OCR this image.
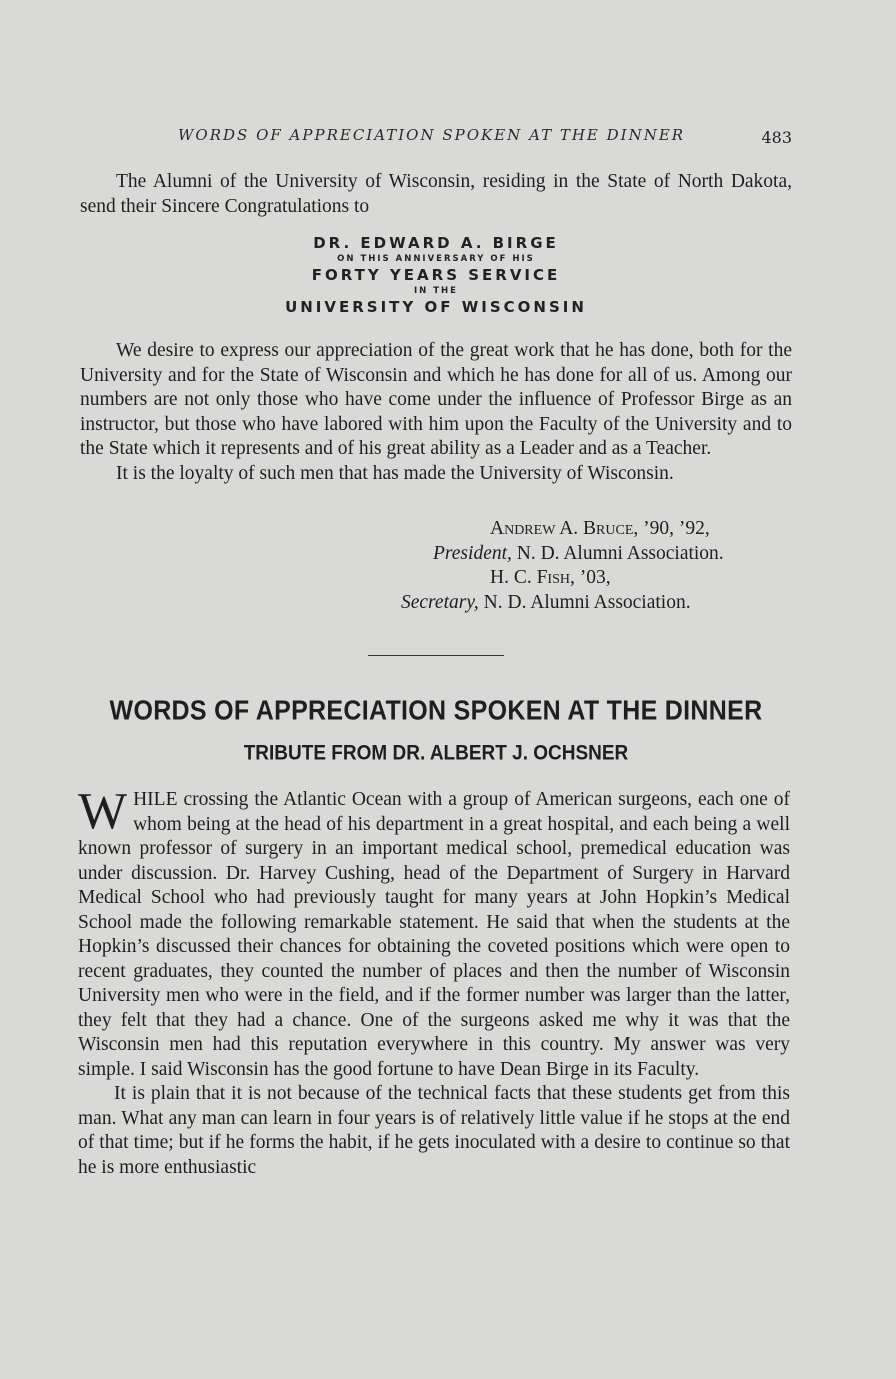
WORDS OF APPRECIATION SPOKEN AT THE DINNER	483

The Alumni of the University of Wisconsin, residing in the State of North Dakota, send their Sincere Congratulations to

DR. EDWARD A. BIRGE
ON THIS ANNIVERSARY OF HIS
FORTY YEARS SERVICE
IN THE
UNIVERSITY OF WISCONSIN

We desire to express our appreciation of the great work that he has done, both for the University and for the State of Wisconsin and which he has done for all of us. Among our numbers are not only those who have come under the influence of Professor Birge as an instructor, but those who have labored with him upon the Faculty of the University and to the State which it represents and of his great ability as a Leader and as a Teacher.

It is the loyalty of such men that has made the University of Wisconsin.

Andrew A. Bruce, ’90, ’92,
President, N. D. Alumni Association.
H. C. Fish, ’03,
Secretary, N. D. Alumni Association.
WORDS OF APPRECIATION SPOKEN AT THE DINNER
TRIBUTE FROM DR. ALBERT J. OCHSNER

WHILE crossing the Atlantic Ocean with a group of American surgeons, each one of whom being at the head of his department in a great hospital, and each being a well known professor of surgery in an important medical school, premedical education was under discussion. Dr. Harvey Cushing, head of the Department of Surgery in Harvard Medical School who had previously taught for many years at John Hopkin’s Medical School made the following remarkable statement. He said that when the students at the Hopkin’s discussed their chances for obtaining the coveted positions which were open to recent graduates, they counted the number of places and then the number of Wisconsin University men who were in the field, and if the former number was larger than the latter, they felt that they had a chance. One of the surgeons asked me why it was that the Wisconsin men had this reputation everywhere in this country. My answer was very simple. I said Wisconsin has the good fortune to have Dean Birge in its Faculty.

It is plain that it is not because of the technical facts that these students get from this man. What any man can learn in four years is of relatively little value if he stops at the end of that time; but if he forms the habit, if he gets inoculated with a desire to continue so that he is more enthusiastic
